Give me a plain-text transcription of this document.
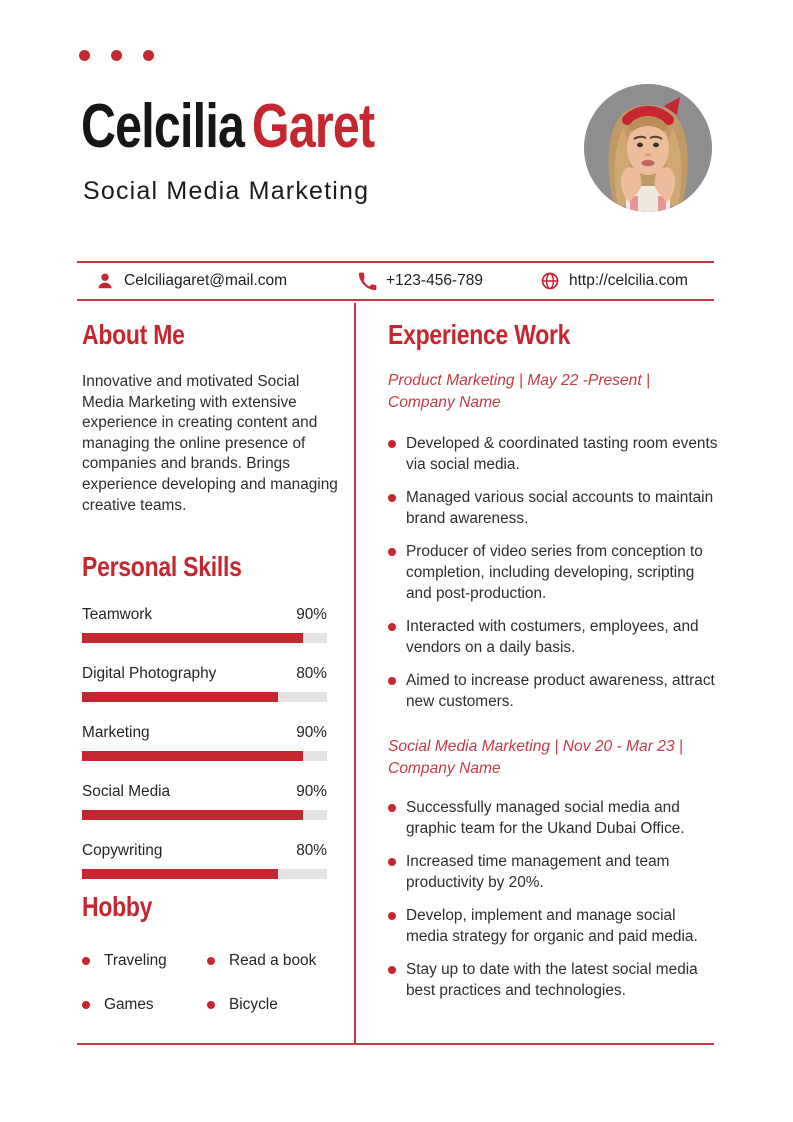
Celcilia Garet
Social Media Marketing
Celciliagaret@mail.com	+123-456-789	http://celcilia.com
About Me

Innovative and motivated Social Media Marketing with extensive experience in creating content and managing the online presence of companies and brands. Brings experience developing and managing creative teams.

Personal Skills
Teamwork	90%
Digital Photography	80%
Marketing	90%
Social Media	90%
Copywriting	80%
Hobby
Traveling	Read a book
Games	Bicycle
Experience Work
Product Marketing | May 22 -Present |
Company Name
Developed & coordinated tasting room events via social media.
Managed various social accounts to maintain brand awareness.
Producer of video series from conception to completion, including developing, scripting and post-production.
Interacted with costumers, employees, and vendors on a daily basis.
Aimed to increase product awareness, attract new customers.
Social Media Marketing | Nov 20 - Mar 23 |
Company Name
Successfully managed social media and graphic team for the Ukand Dubai Office.
Increased time management and team productivity by 20%.
Develop, implement and manage social media strategy for organic and paid media.
Stay up to date with the latest social media best practices and technologies.
